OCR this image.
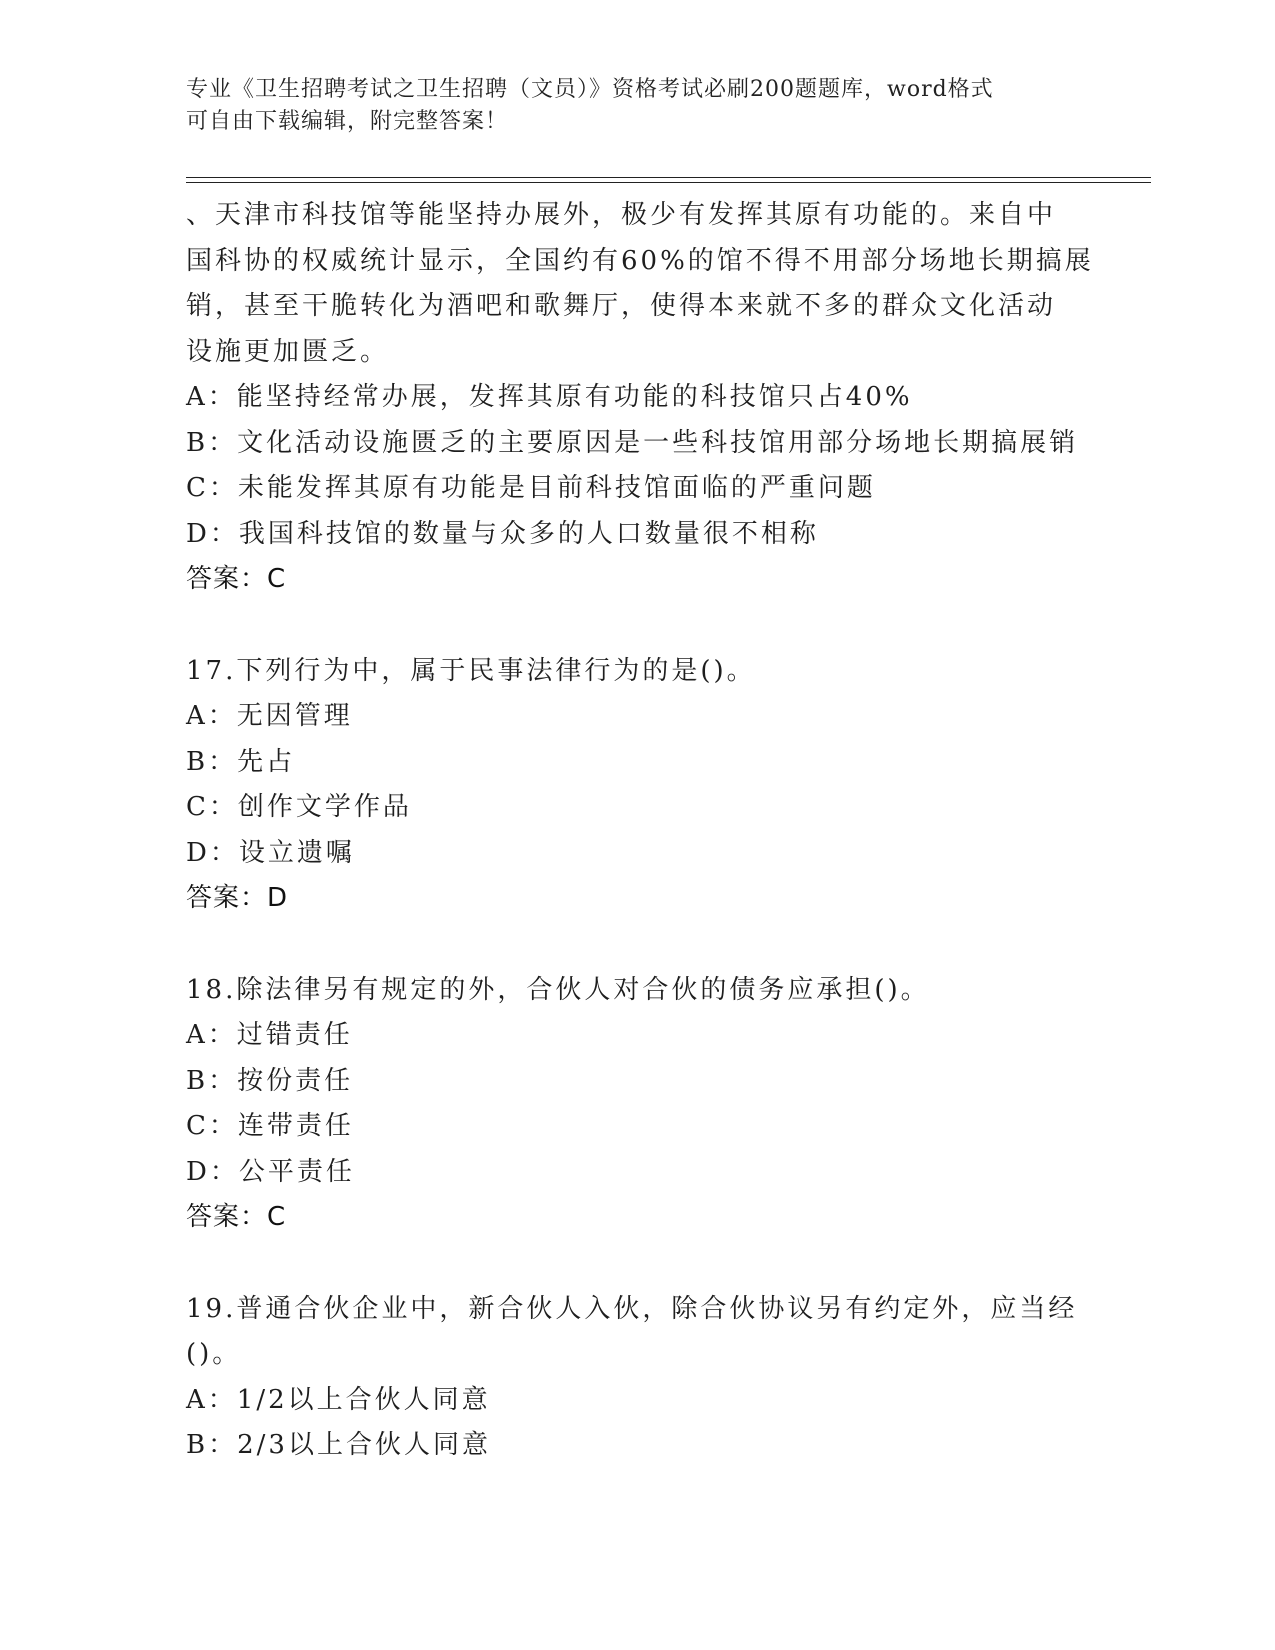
专业《卫生招聘考试之卫生招聘（文员）》资格考试必刷200题题库，word格式
可自由下载编辑，附完整答案！
、天津市科技馆等能坚持办展外，极少有发挥其原有功能的。来自中
国科协的权威统计显示，全国约有60%的馆不得不用部分场地长期搞展
销，甚至干脆转化为酒吧和歌舞厅，使得本来就不多的群众文化活动
设施更加匮乏。
A：能坚持经常办展，发挥其原有功能的科技馆只占40%
B：文化活动设施匮乏的主要原因是一些科技馆用部分场地长期搞展销
C：未能发挥其原有功能是目前科技馆面临的严重问题
D：我国科技馆的数量与众多的人口数量很不相称
答案：C
17.下列行为中，属于民事法律行为的是()。
A：无因管理
B：先占
C：创作文学作品
D：设立遗嘱
答案：D
18.除法律另有规定的外，合伙人对合伙的债务应承担()。
A：过错责任
B：按份责任
C：连带责任
D：公平责任
答案：C
19.普通合伙企业中，新合伙人入伙，除合伙协议另有约定外，应当经
()。
A：1/2以上合伙人同意
B：2/3以上合伙人同意
